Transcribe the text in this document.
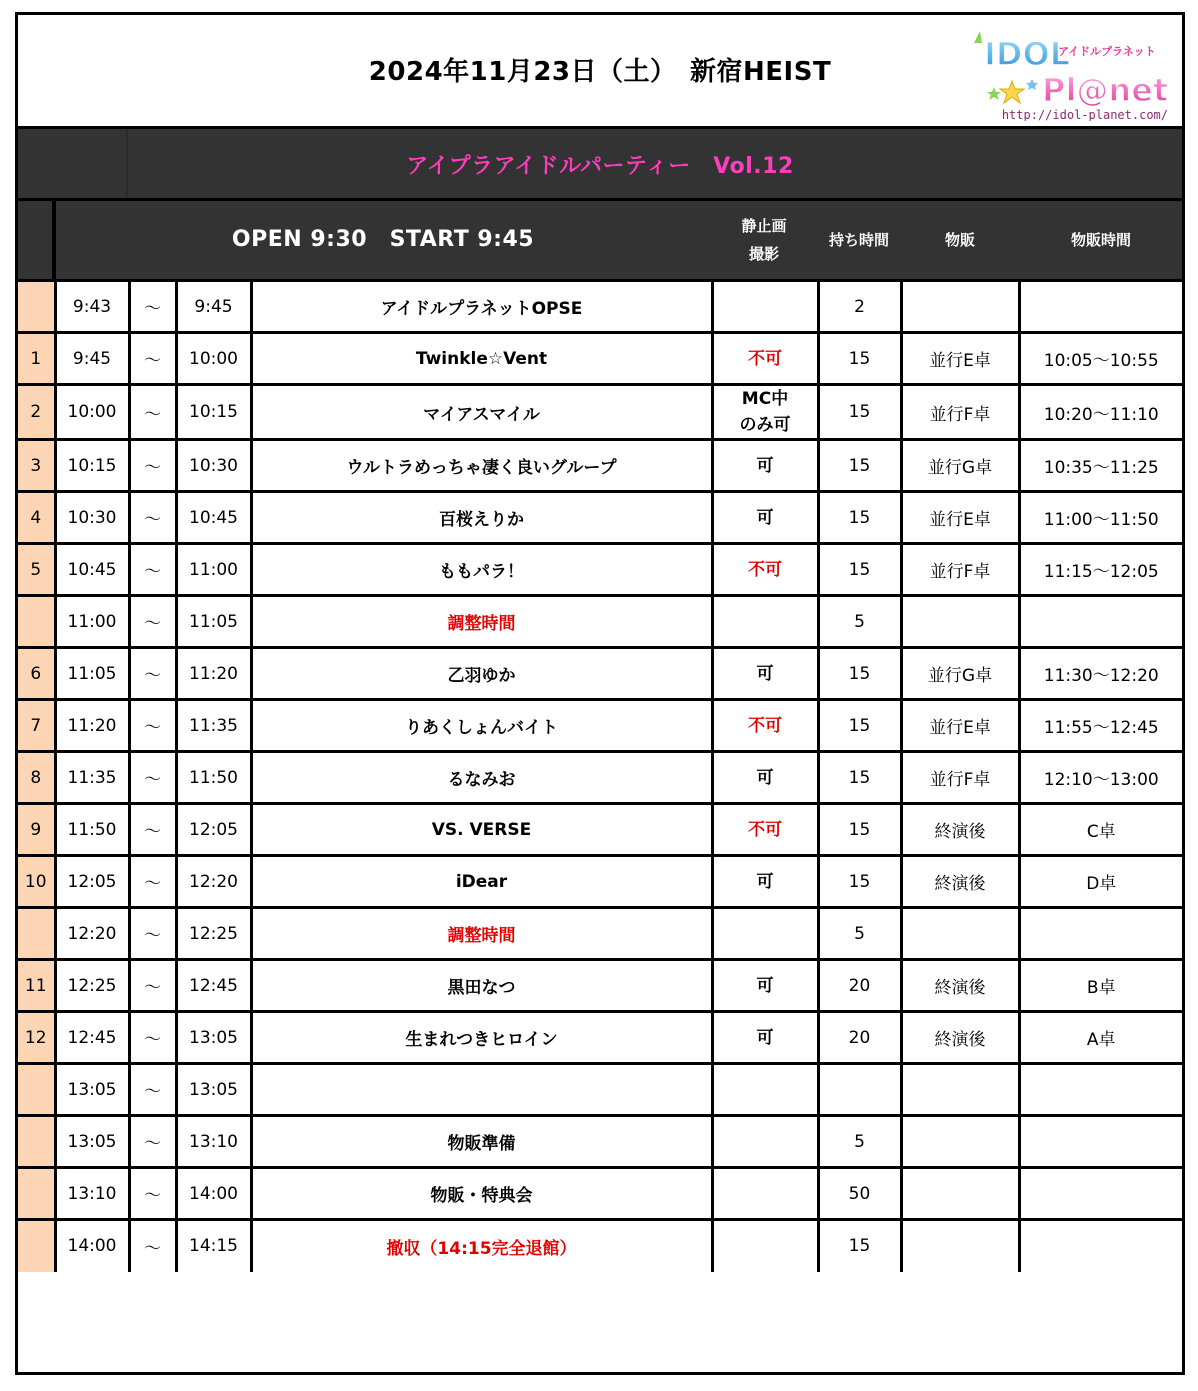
2024年11月23日（土）　新宿HEIST	IDOL
アイドルプラネット
Pl@net
http://idol-planet.com/
アイプラアイドルパーティー　Vol.12
OPEN 9:30　START 9:45
静止画
撮影
持ち時間	物販	物販時間
	9:43	～	9:45	アイドルプラネットOPSE		2		
1	9:45	～	10:00	Twinkle☆Vent	不可	15	並行E卓	10:05～10:55
2	10:00	～	10:15	マイアスマイル	MC中
のみ可	15	並行F卓	10:20～11:10
3	10:15	～	10:30	ウルトラめっちゃ凄く良いグループ	可	15	並行G卓	10:35～11:25
4	10:30	～	10:45	百桜えりか	可	15	並行E卓	11:00～11:50
5	10:45	～	11:00	ももパラ！	不可	15	並行F卓	11:15～12:05
	11:00	～	11:05	調整時間		5		
6	11:05	～	11:20	乙羽ゆか	可	15	並行G卓	11:30～12:20
7	11:20	～	11:35	りあくしょんバイト	不可	15	並行E卓	11:55～12:45
8	11:35	～	11:50	るなみお	可	15	並行F卓	12:10～13:00
9	11:50	～	12:05	VS. VERSE	不可	15	終演後	C卓
10	12:05	～	12:20	iDear	可	15	終演後	D卓
	12:20	～	12:25	調整時間		5		
11	12:25	～	12:45	黒田なつ	可	20	終演後	B卓
12	12:45	～	13:05	生まれつきヒロイン	可	20	終演後	A卓
	13:05	～	13:05		

	13:05	～	13:10	物販準備		5		
	13:10	～	14:00	物販・特典会		50		
	14:00	～	14:15	撤収（14:15完全退館）		15		
